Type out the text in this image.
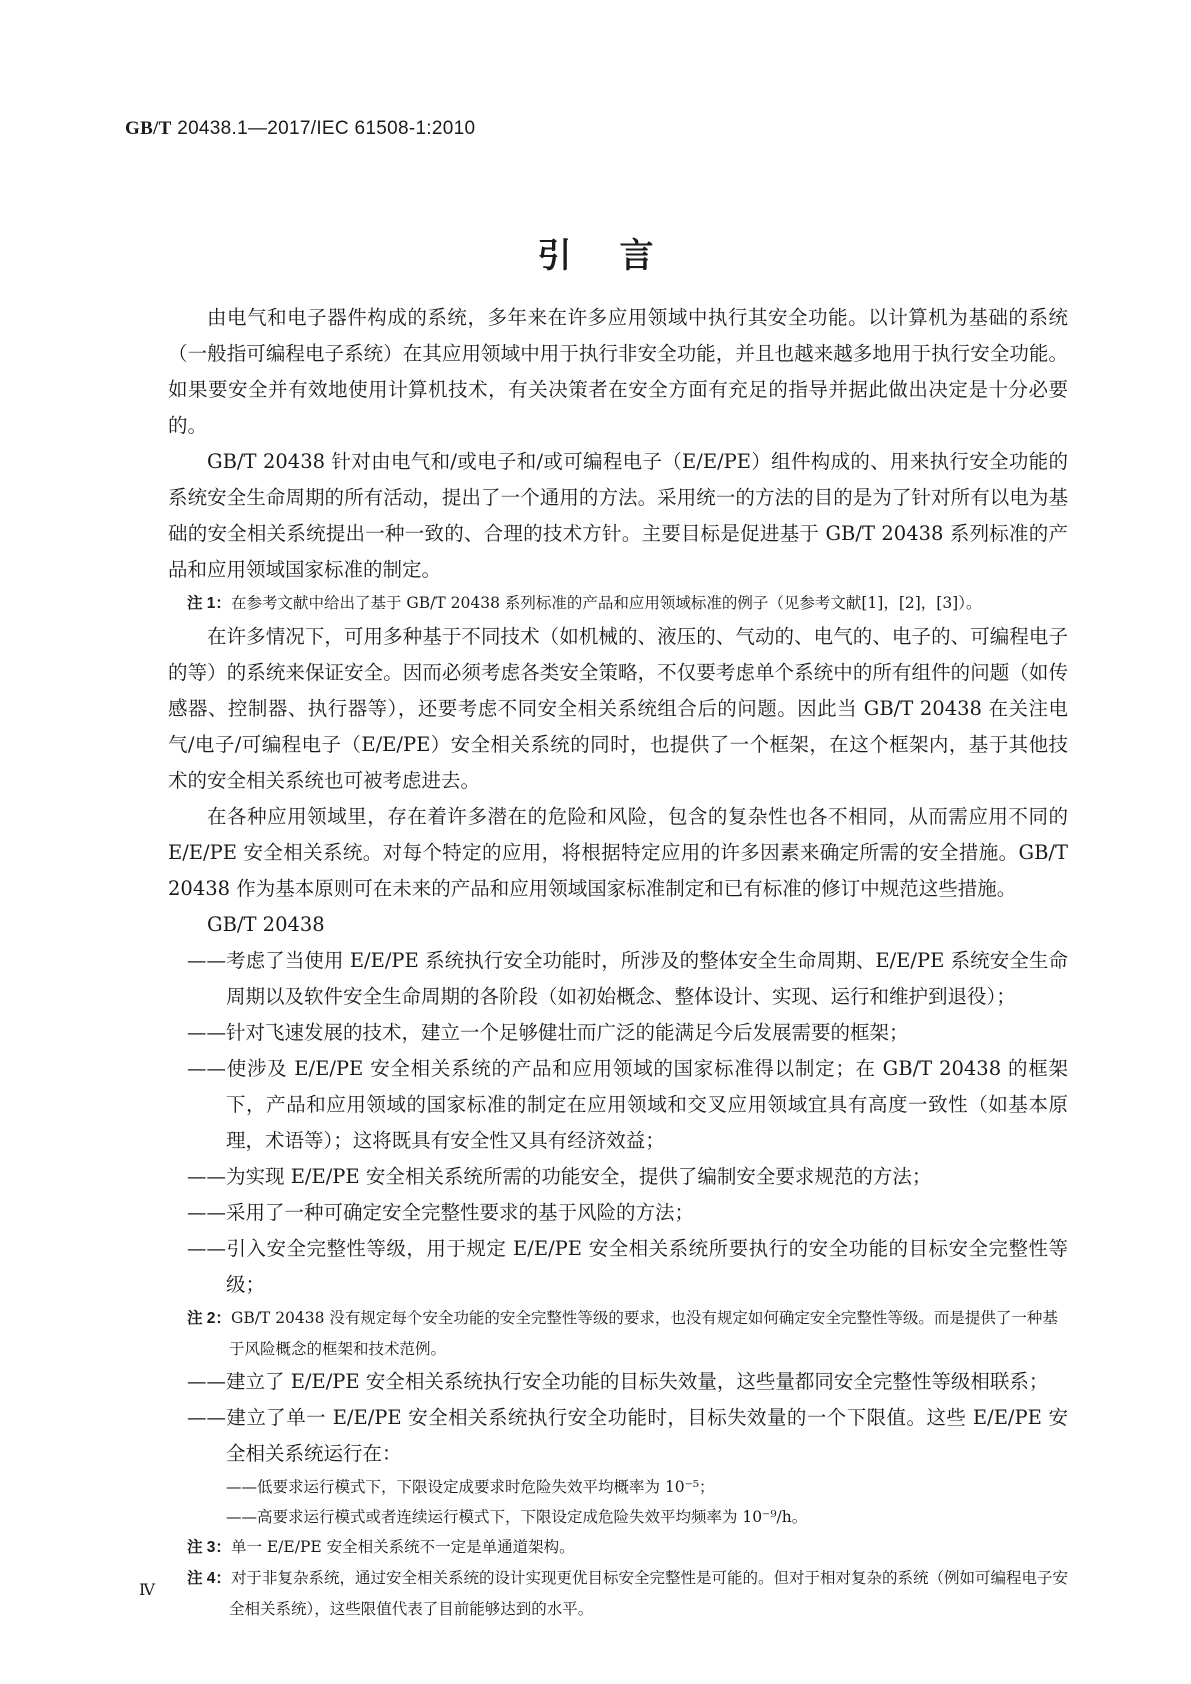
GB/T 20438.1—2017/IEC 61508-1:2010
引言

由电气和电子器件构成的系统，多年来在许多应用领域中执行其安全功能。以计算机为基础的系统（一般指可编程电子系统）在其应用领域中用于执行非安全功能，并且也越来越多地用于执行安全功能。如果要安全并有效地使用计算机技术，有关决策者在安全方面有充足的指导并据此做出决定是十分必要的。

GB/T 20438 针对由电气和/或电子和/或可编程电子（E/E/PE）组件构成的、用来执行安全功能的系统安全生命周期的所有活动，提出了一个通用的方法。采用统一的方法的目的是为了针对所有以电为基础的安全相关系统提出一种一致的、合理的技术方针。主要目标是促进基于 GB/T 20438 系列标准的产品和应用领域国家标准的制定。

注 1：在参考文献中给出了基于 GB/T 20438 系列标准的产品和应用领域标准的例子（见参考文献[1]，[2]，[3]）。

在许多情况下，可用多种基于不同技术（如机械的、液压的、气动的、电气的、电子的、可编程电子的等）的系统来保证安全。因而必须考虑各类安全策略，不仅要考虑单个系统中的所有组件的问题（如传感器、控制器、执行器等），还要考虑不同安全相关系统组合后的问题。因此当 GB/T 20438 在关注电气/电子/可编程电子（E/E/PE）安全相关系统的同时，也提供了一个框架，在这个框架内，基于其他技术的安全相关系统也可被考虑进去。

在各种应用领域里，存在着许多潜在的危险和风险，包含的复杂性也各不相同，从而需应用不同的 E/E/PE 安全相关系统。对每个特定的应用，将根据特定应用的许多因素来确定所需的安全措施。GB/T 20438 作为基本原则可在未来的产品和应用领域国家标准制定和已有标准的修订中规范这些措施。

GB/T 20438

——考虑了当使用 E/E/PE 系统执行安全功能时，所涉及的整体安全生命周期、E/E/PE 系统安全生命周期以及软件安全生命周期的各阶段（如初始概念、整体设计、实现、运行和维护到退役）；

——针对飞速发展的技术，建立一个足够健壮而广泛的能满足今后发展需要的框架；

——使涉及 E/E/PE 安全相关系统的产品和应用领域的国家标准得以制定；在 GB/T 20438 的框架下，产品和应用领域的国家标准的制定在应用领域和交叉应用领域宜具有高度一致性（如基本原理，术语等）；这将既具有安全性又具有经济效益；

——为实现 E/E/PE 安全相关系统所需的功能安全，提供了编制安全要求规范的方法；

——采用了一种可确定安全完整性要求的基于风险的方法；

——引入安全完整性等级，用于规定 E/E/PE 安全相关系统所要执行的安全功能的目标安全完整性等级；

注 2：GB/T 20438 没有规定每个安全功能的安全完整性等级的要求，也没有规定如何确定安全完整性等级。而是提供了一种基于风险概念的框架和技术范例。

——建立了 E/E/PE 安全相关系统执行安全功能的目标失效量，这些量都同安全完整性等级相联系；

——建立了单一 E/E/PE 安全相关系统执行安全功能时，目标失效量的一个下限值。这些 E/E/PE 安全相关系统运行在：

——低要求运行模式下，下限设定成要求时危险失效平均概率为 10⁻⁵；

——高要求运行模式或者连续运行模式下，下限设定成危险失效平均频率为 10⁻⁹/h。

注 3：单一 E/E/PE 安全相关系统不一定是单通道架构。

注 4：对于非复杂系统，通过安全相关系统的设计实现更优目标安全完整性是可能的。但对于相对复杂的系统（例如可编程电子安全相关系统），这些限值代表了目前能够达到的水平。

Ⅳ
